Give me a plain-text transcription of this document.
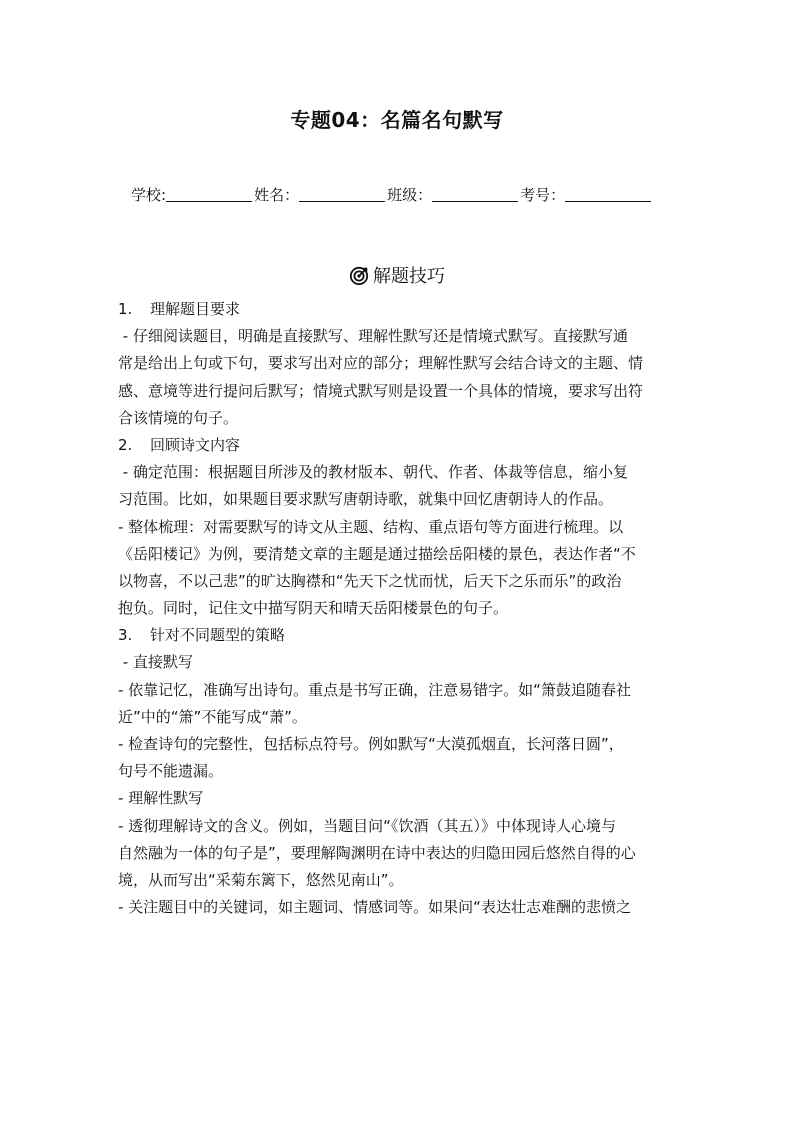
专题04：名篇名句默写
学校:	姓名：	班级：	考号：
解题技巧
1. 理解题目要求
- 仔细阅读题目，明确是直接默写、理解性默写还是情境式默写。直接默写通
常是给出上句或下句，要求写出对应的部分；理解性默写会结合诗文的主题、情
感、意境等进行提问后默写；情境式默写则是设置一个具体的情境，要求写出符
合该情境的句子。
2. 回顾诗文内容
- 确定范围：根据题目所涉及的教材版本、朝代、作者、体裁等信息，缩小复
习范围。比如，如果题目要求默写唐朝诗歌，就集中回忆唐朝诗人的作品。
- 整体梳理：对需要默写的诗文从主题、结构、重点语句等方面进行梳理。以
《岳阳楼记》为例，要清楚文章的主题是通过描绘岳阳楼的景色，表达作者“不
以物喜，不以己悲”的旷达胸襟和“先天下之忧而忧，后天下之乐而乐”的政治
抱负。同时，记住文中描写阴天和晴天岳阳楼景色的句子。
3. 针对不同题型的策略
- 直接默写
- 依靠记忆，准确写出诗句。重点是书写正确，注意易错字。如“箫鼓追随春社
近”中的“箫”不能写成“萧”。
- 检查诗句的完整性，包括标点符号。例如默写“大漠孤烟直，长河落日圆”，
句号不能遗漏。
- 理解性默写
- 透彻理解诗文的含义。例如，当题目问“《饮酒（其五）》中体现诗人心境与
自然融为一体的句子是”，要理解陶渊明在诗中表达的归隐田园后悠然自得的心
境，从而写出“采菊东篱下，悠然见南山”。
- 关注题目中的关键词，如主题词、情感词等。如果问“表达壮志难酬的悲愤之
